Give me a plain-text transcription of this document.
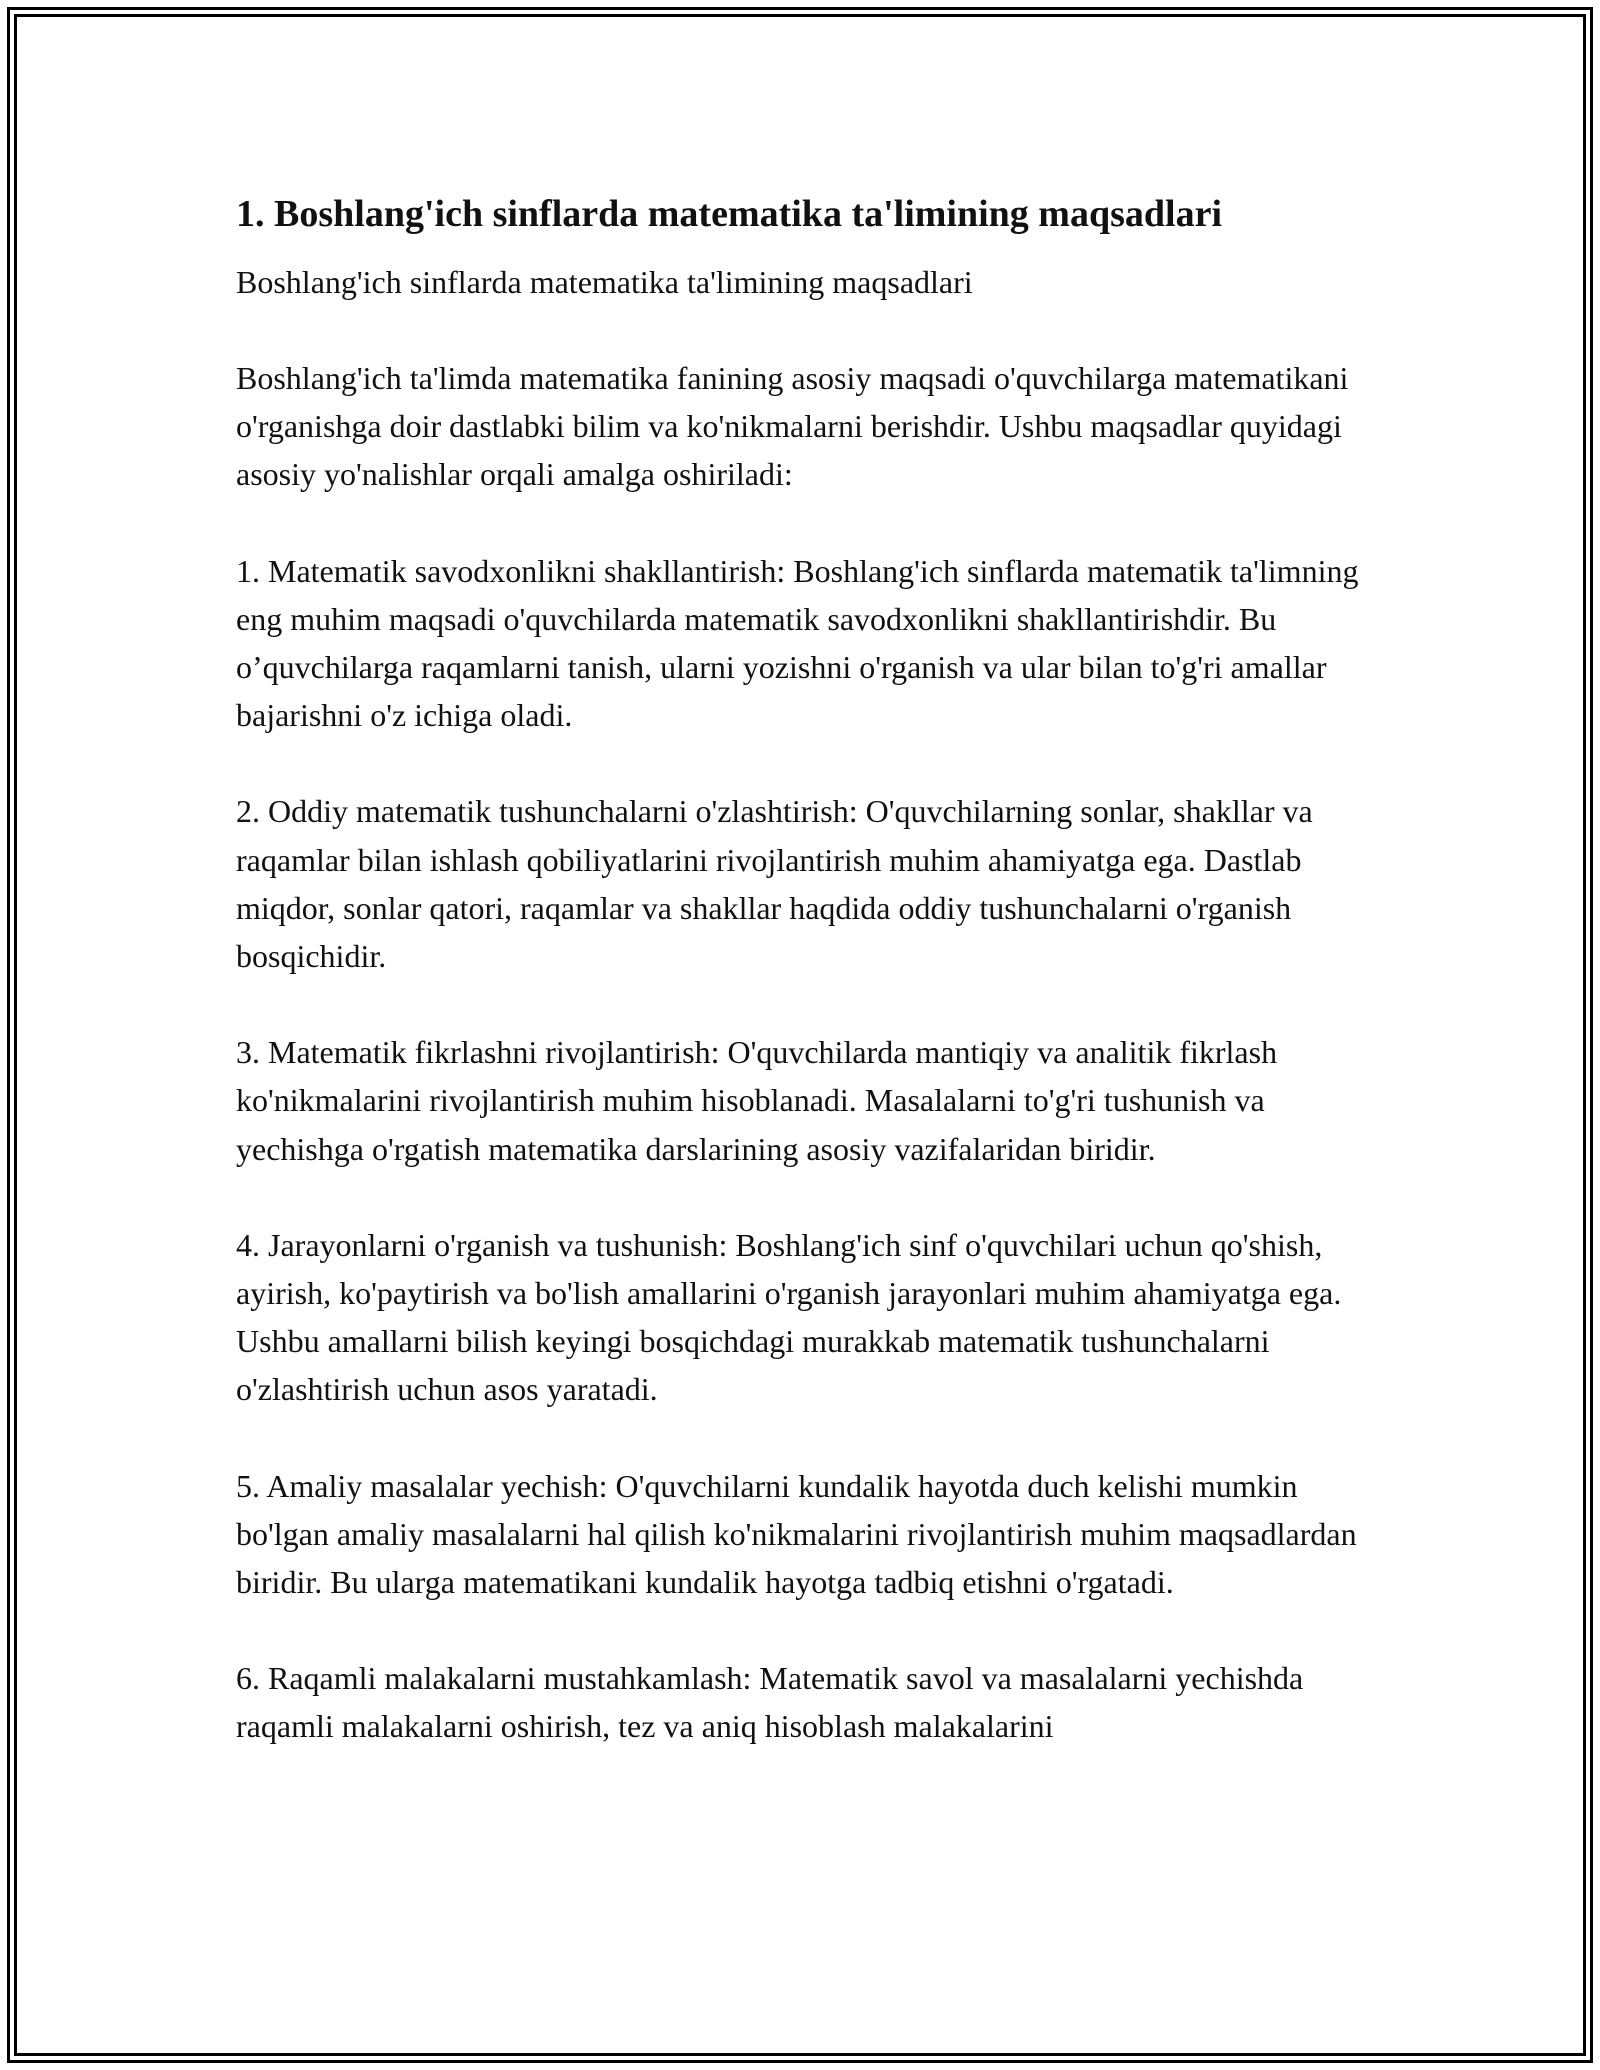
1. Boshlang'ich sinflarda matematika ta'limining maqsadlari

Boshlang'ich sinflarda matematika ta'limining maqsadlari

Boshlang'ich ta'limda matematika fanining asosiy maqsadi o'quvchilarga matematikani o'rganishga doir dastlabki bilim va ko'nikmalarni berishdir. Ushbu maqsadlar quyidagi asosiy yo'nalishlar orqali amalga oshiriladi:

1. Matematik savodxonlikni shakllantirish: Boshlang'ich sinflarda matematik ta'limning eng muhim maqsadi o'quvchilarda matematik savodxonlikni shakllantirishdir. Bu o’quvchilarga raqamlarni tanish, ularni yozishni o'rganish va ular bilan to'g'ri amallar bajarishni o'z ichiga oladi.

2. Oddiy matematik tushunchalarni o'zlashtirish: O'quvchilarning sonlar, shakllar va raqamlar bilan ishlash qobiliyatlarini rivojlantirish muhim ahamiyatga ega. Dastlab miqdor, sonlar qatori, raqamlar va shakllar haqdida oddiy tushunchalarni o'rganish bosqichidir.

3. Matematik fikrlashni rivojlantirish: O'quvchilarda mantiqiy va analitik fikrlash ko'nikmalarini rivojlantirish muhim hisoblanadi. Masalalarni to'g'ri tushunish va yechishga o'rgatish matematika darslarining asosiy vazifalaridan biridir.

4. Jarayonlarni o'rganish va tushunish: Boshlang'ich sinf o'quvchilari uchun qo'shish, ayirish, ko'paytirish va bo'lish amallarini o'rganish jarayonlari muhim ahamiyatga ega. Ushbu amallarni bilish keyingi bosqichdagi murakkab matematik tushunchalarni o'zlashtirish uchun asos yaratadi.

5. Amaliy masalalar yechish: O'quvchilarni kundalik hayotda duch kelishi mumkin bo'lgan amaliy masalalarni hal qilish ko'nikmalarini rivojlantirish muhim maqsadlardan biridir. Bu ularga matematikani kundalik hayotga tadbiq etishni o'rgatadi.

6. Raqamli malakalarni mustahkamlash: Matematik savol va masalalarni yechishda raqamli malakalarni oshirish, tez va aniq hisoblash malakalarini
